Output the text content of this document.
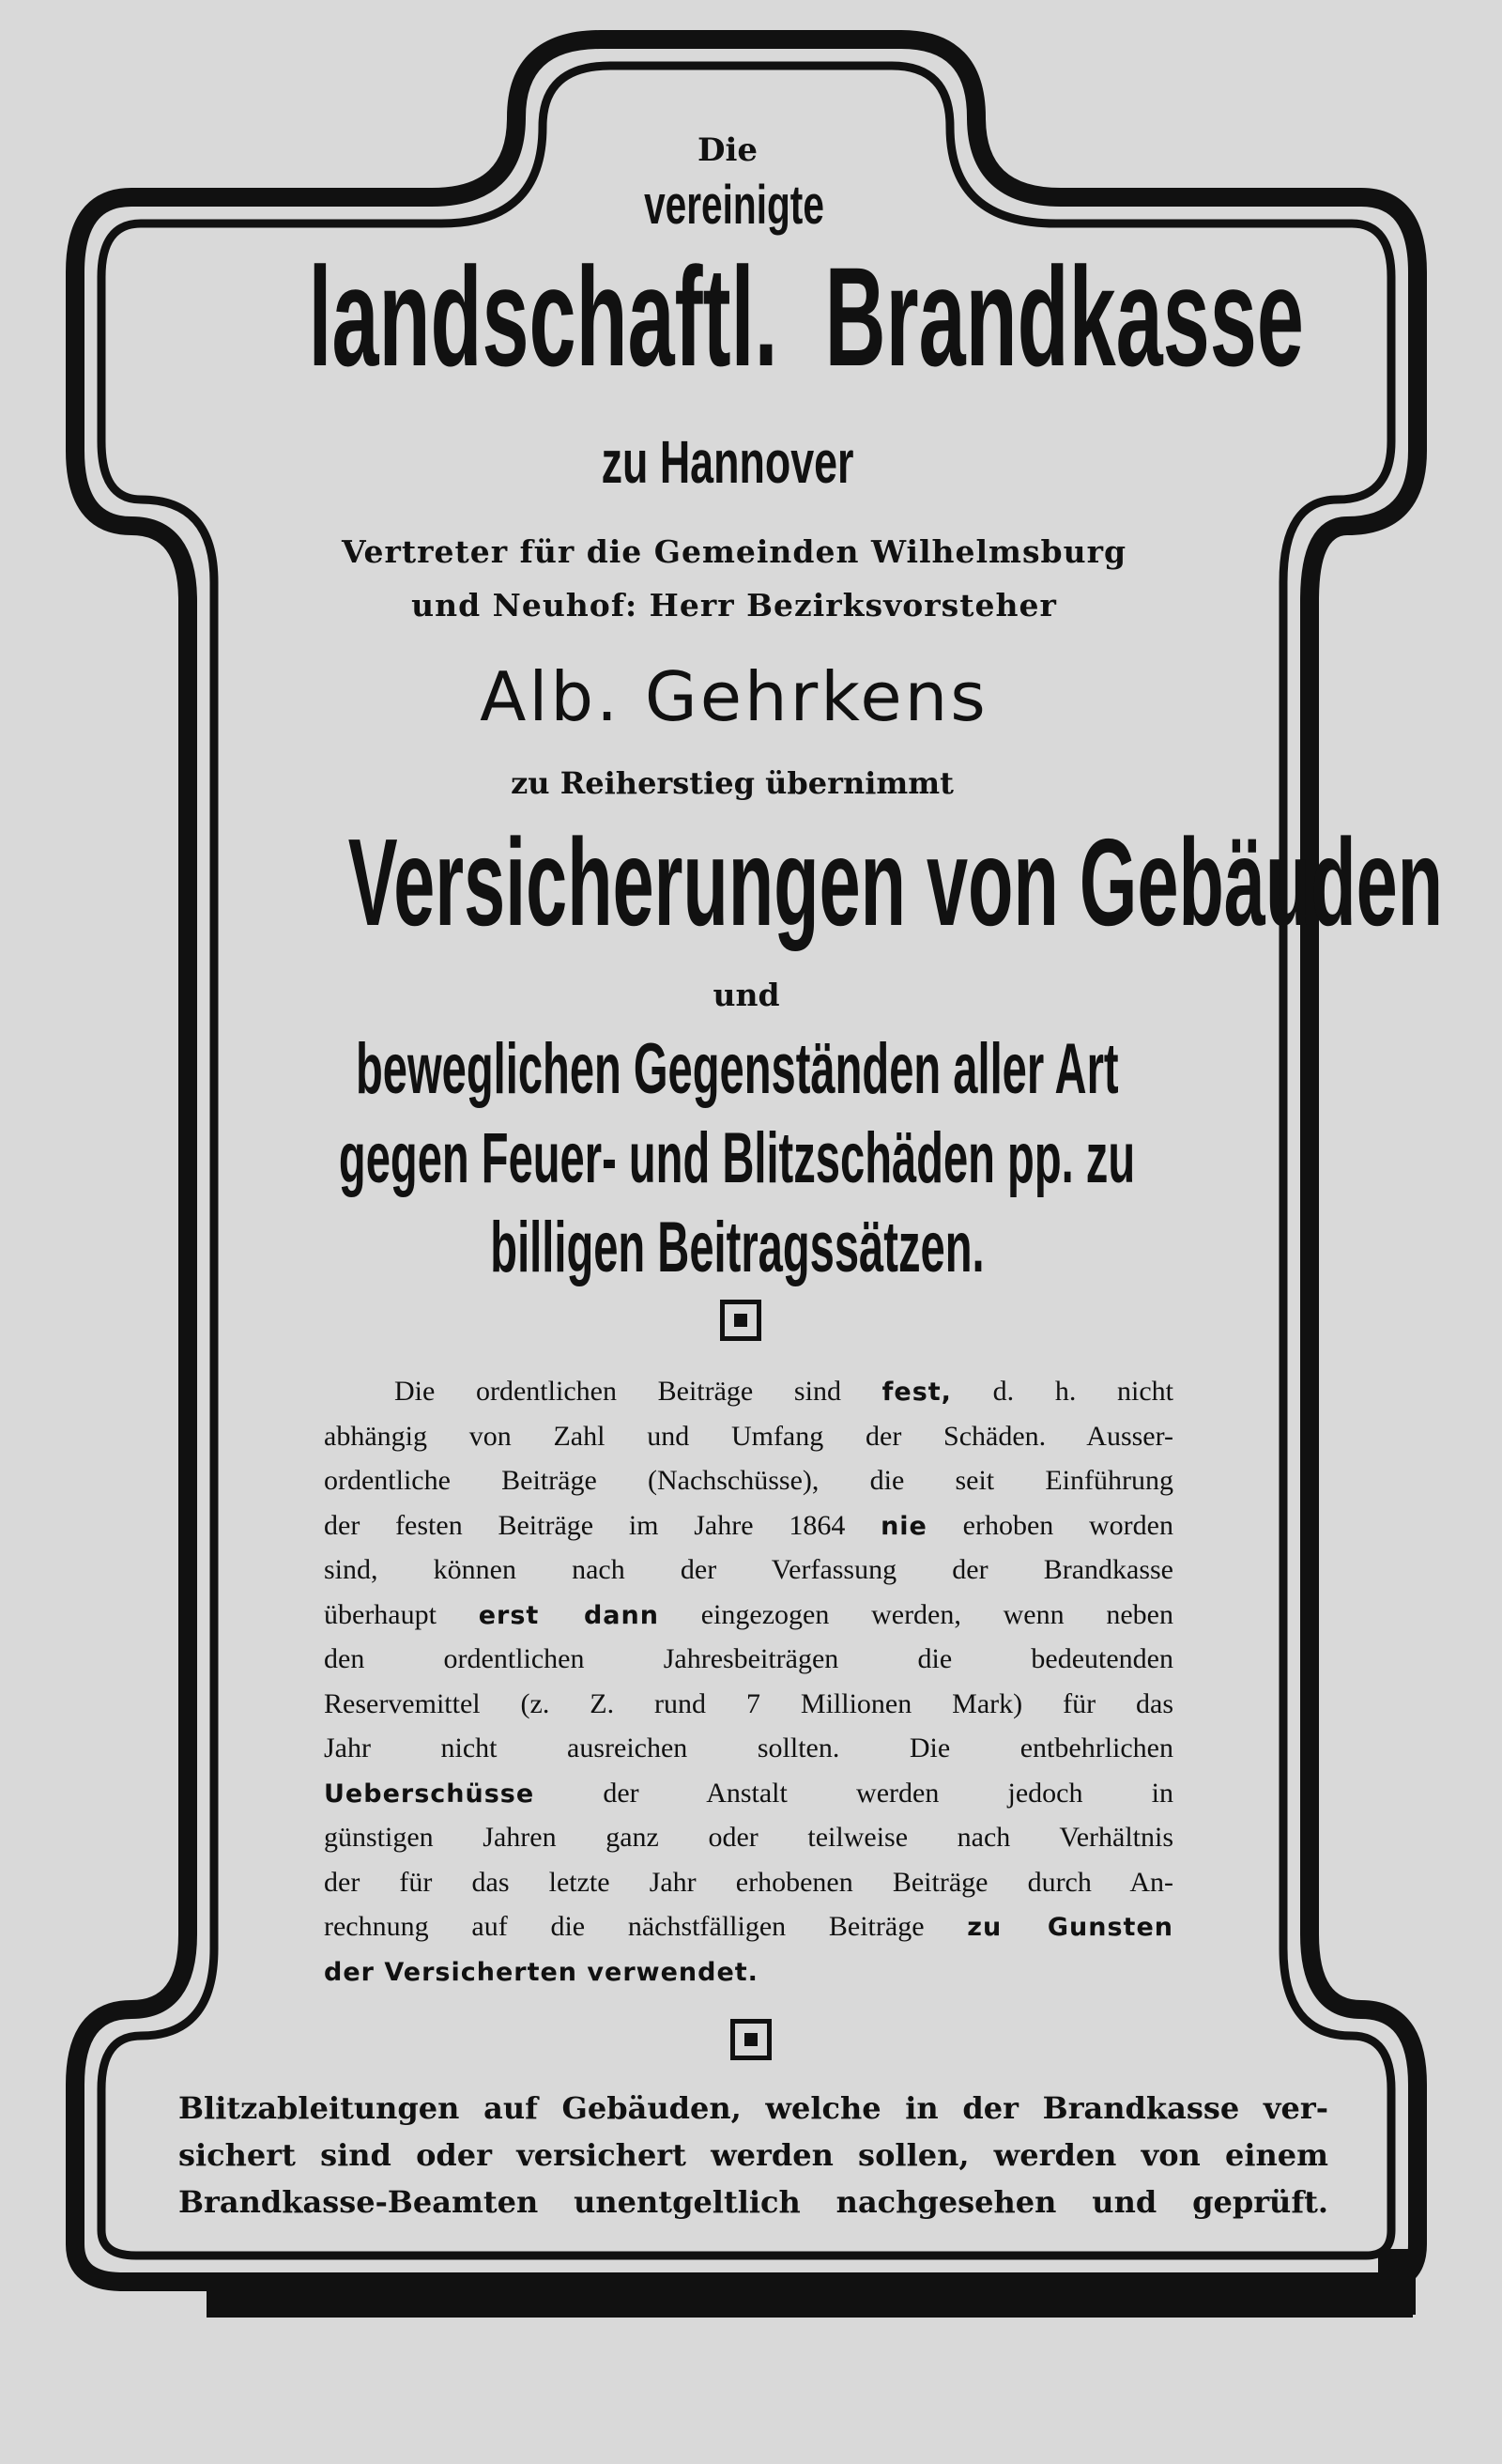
Die
vereinigte
landschaftl.  Brandkasse
zu Hannover
Vertreter für die Gemeinden Wilhelmsburg
und Neuhof: Herr Bezirksvorsteher
Alb. Gehrkens
zu Reiherstieg übernimmt
Versicherungen von Gebäuden
und
beweglichen Gegenständen aller Art
gegen Feuer- und Blitzschäden pp. zu
billigen Beitragssätzen.
Die ordentlichen Beiträge sind fest, d. h. nicht
abhängig von Zahl und Umfang der Schäden. Ausser-
ordentliche Beiträge (Nachschüsse), die seit Einführung
der festen Beiträge im Jahre 1864 nie erhoben worden
sind, können nach der Verfassung der Brandkasse
überhaupt erst dann eingezogen werden, wenn neben
den ordentlichen Jahresbeiträgen die bedeutenden
Reservemittel (z. Z. rund 7 Millionen Mark) für das
Jahr nicht ausreichen sollten. Die entbehrlichen
Ueberschüsse der Anstalt werden jedoch in
günstigen Jahren ganz oder teilweise nach Verhältnis
der für das letzte Jahr erhobenen Beiträge durch An-
rechnung auf die nächstfälligen Beiträge zu Gunsten
der Versicherten verwendet.
Blitzableitungen auf Gebäuden, welche in der Brandkasse ver-
sichert sind oder versichert werden sollen, werden von einem
Brandkasse-Beamten unentgeltlich nachgesehen und geprüft.
